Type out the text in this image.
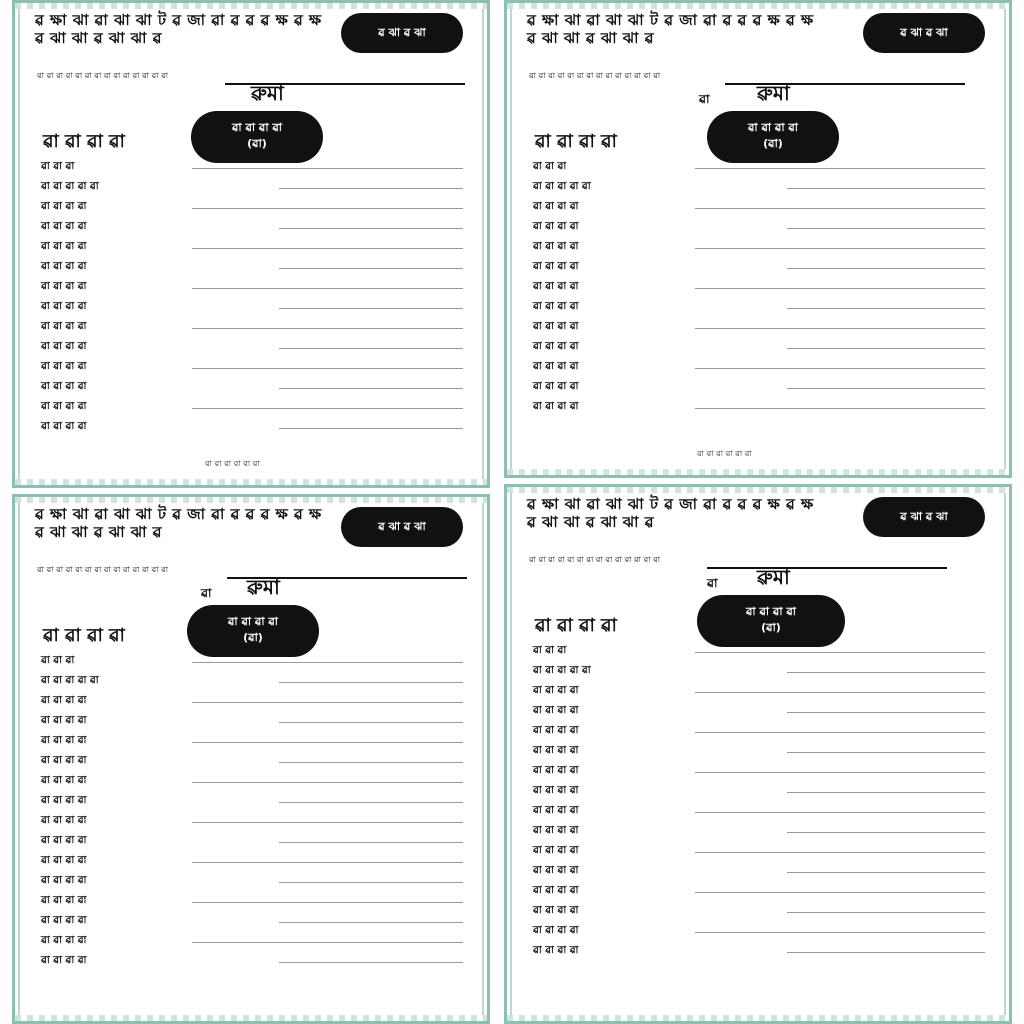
ৱ ক্ষা ঝা ৱা ঝা ঝা ট ৱ জা ৱা ৱ ৱ ৱ ক্ষ ৱ ক্ষ ৱ ঝা ঝা ৱ ঝা ঝা ৱ	ৱ ঝা ৱ ঝা
ৱা ৱা ৱা ৱা ৱা ৱা ৱা ৱা ৱা ৱা ৱা ৱা ৱা ৱা
ৱুমা
ৱা ৱা ৱা ৱা
ৱা ৱা ৱা ৱা
(ৱা)
ৱা ৱা ৱা
ৱা ৱা ৱা ৱা ৱা
ৱা ৱা ৱা ৱা
ৱা ৱা ৱা ৱা
ৱা ৱা ৱা ৱা
ৱা ৱা ৱা ৱা
ৱা ৱা ৱা ৱা
ৱা ৱা ৱা ৱা
ৱা ৱা ৱা ৱা
ৱা ৱা ৱা ৱা
ৱা ৱা ৱা ৱা
ৱা ৱা ৱা ৱা
ৱা ৱা ৱা ৱা
ৱা ৱা ৱা ৱা
ৱা ৱা ৱা ৱা ৱা ৱা
ৱ ক্ষা ঝা ৱা ঝা ঝা ট ৱ জা ৱা ৱ ৱ ৱ ক্ষ ৱ ক্ষ ৱ ঝা ঝা ৱ ঝা ঝা ৱ	ৱ ঝা ৱ ঝা
ৱা ৱা ৱা ৱা ৱা ৱা ৱা ৱা ৱা ৱা ৱা ৱা ৱা ৱা
ৱা ৱুমা
ৱা ৱা ৱা ৱা
ৱা ৱা ৱা ৱা
(ৱা)
ৱা ৱা ৱা
ৱা ৱা ৱা ৱা ৱা
ৱা ৱা ৱা ৱা
ৱা ৱা ৱা ৱা
ৱা ৱা ৱা ৱা
ৱা ৱা ৱা ৱা
ৱা ৱা ৱা ৱা
ৱা ৱা ৱা ৱা
ৱা ৱা ৱা ৱা
ৱা ৱা ৱা ৱা
ৱা ৱা ৱা ৱা
ৱা ৱা ৱা ৱা
ৱা ৱা ৱা ৱা
ৱা ৱা ৱা ৱা ৱা ৱা
ৱ ক্ষা ঝা ৱা ঝা ঝা ট ৱ জা ৱা ৱ ৱ ৱ ক্ষ ৱ ক্ষ ৱ ঝা ঝা ৱ ঝা ঝা ৱ	ৱ ঝা ৱ ঝা
ৱা ৱা ৱা ৱা ৱা ৱা ৱা ৱা ৱা ৱা ৱা ৱা ৱা ৱা
ৱা ৱুমা
ৱা ৱা ৱা ৱা
ৱা ৱা ৱা ৱা
(ৱা)
ৱা ৱা ৱা
ৱা ৱা ৱা ৱা ৱা
ৱা ৱা ৱা ৱা
ৱা ৱা ৱা ৱা
ৱা ৱা ৱা ৱা
ৱা ৱা ৱা ৱা
ৱা ৱা ৱা ৱা
ৱা ৱা ৱা ৱা
ৱা ৱা ৱা ৱা
ৱা ৱা ৱা ৱা
ৱা ৱা ৱা ৱা
ৱা ৱা ৱা ৱা
ৱা ৱা ৱা ৱা
ৱা ৱা ৱা ৱা
ৱা ৱা ৱা ৱা
ৱা ৱা ৱা ৱা
ৱ ক্ষা ঝা ৱা ঝা ঝা ট ৱ জা ৱা ৱ ৱ ৱ ক্ষ ৱ ক্ষ ৱ ঝা ঝা ৱ ঝা ঝা ৱ	ৱ ঝা ৱ ঝা
ৱা ৱা ৱা ৱা ৱা ৱা ৱা ৱা ৱা ৱা ৱা ৱা ৱা ৱা
ৱা ৱুমা
ৱা ৱা ৱা ৱা
ৱা ৱা ৱা ৱা
(ৱা)
ৱা ৱা ৱা
ৱা ৱা ৱা ৱা ৱা
ৱা ৱা ৱা ৱা
ৱা ৱা ৱা ৱা
ৱা ৱা ৱা ৱা
ৱা ৱা ৱা ৱা
ৱা ৱা ৱা ৱা
ৱা ৱা ৱা ৱা
ৱা ৱা ৱা ৱা
ৱা ৱা ৱা ৱা
ৱা ৱা ৱা ৱা
ৱা ৱা ৱা ৱা
ৱা ৱা ৱা ৱা
ৱা ৱা ৱা ৱা
ৱা ৱা ৱা ৱা
ৱা ৱা ৱা ৱা
